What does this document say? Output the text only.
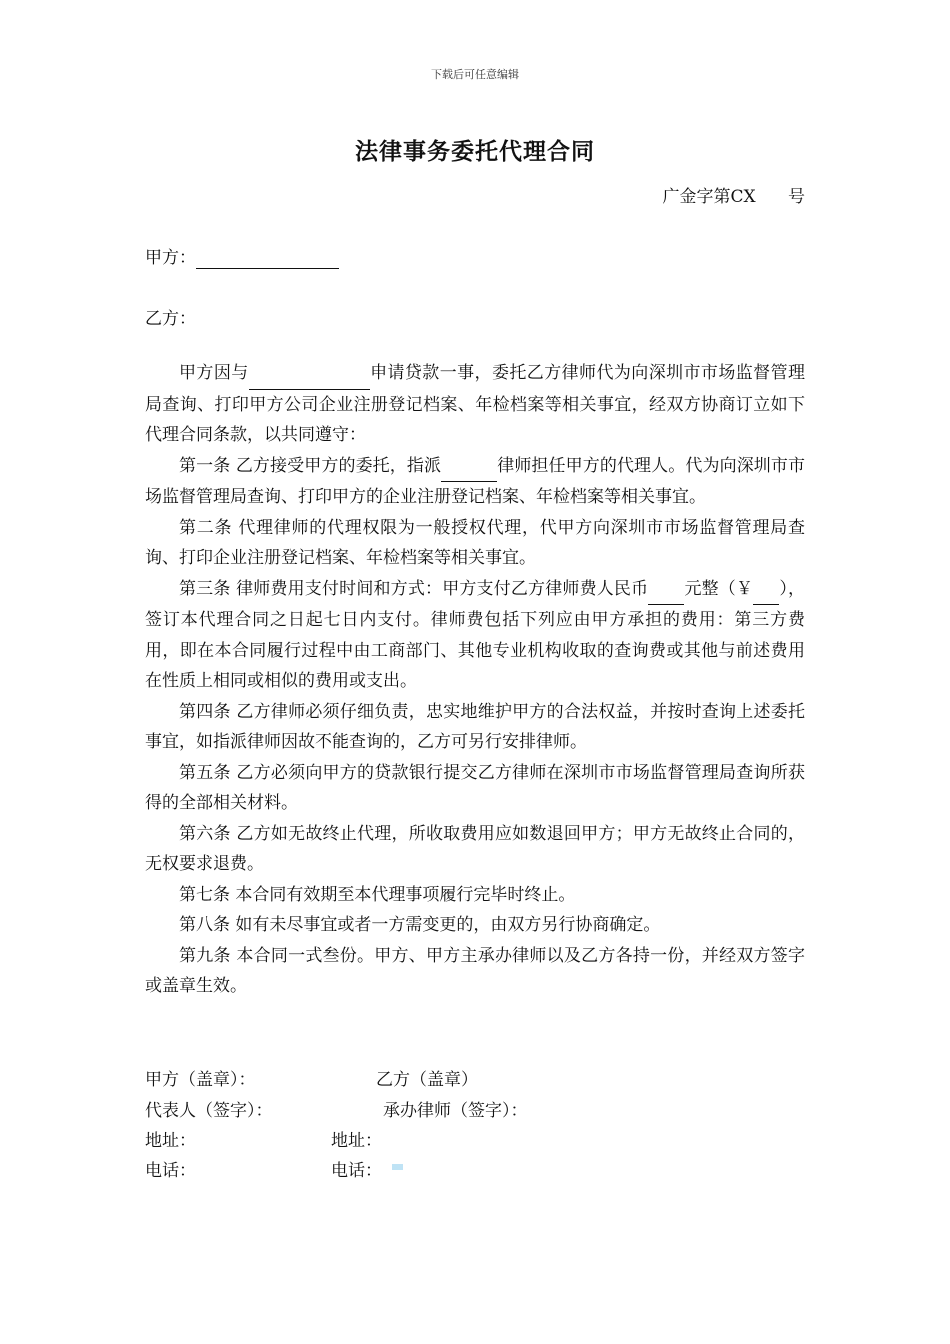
下载后可任意编辑
法律事务委托代理合同
广金字第CX      号
甲方：
乙方：

甲方因与	申请贷款一事，委托乙方律师代为向深圳市市场监督管理局查询、打印甲方公司企业注册登记档案、年检档案等相关事宜，经双方协商订立如下代理合同条款，以共同遵守：

第一条 乙方接受甲方的委托，指派	律师担任甲方的代理人。代为向深圳市市场监督管理局查询、打印甲方的企业注册登记档案、年检档案等相关事宜。

第二条 代理律师的代理权限为一般授权代理，代甲方向深圳市市场监督管理局查询、打印企业注册登记档案、年检档案等相关事宜。

第三条 律师费用支付时间和方式：甲方支付乙方律师费人民币 元整（￥ ），签订本代理合同之日起七日内支付。律师费包括下列应由甲方承担的费用：第三方费用，即在本合同履行过程中由工商部门、其他专业机构收取的查询费或其他与前述费用在性质上相同或相似的费用或支出。

第四条 乙方律师必须仔细负责，忠实地维护甲方的合法权益，并按时查询上述委托事宜，如指派律师因故不能查询的，乙方可另行安排律师。

第五条 乙方必须向甲方的贷款银行提交乙方律师在深圳市市场监督管理局查询所获得的全部相关材料。

第六条 乙方如无故终止代理，所收取费用应如数退回甲方；甲方无故终止合同的，无权要求退费。

第七条 本合同有效期至本代理事项履行完毕时终止。

第八条 如有未尽事宜或者一方需变更的，由双方另行协商确定。

第九条 本合同一式叁份。甲方、甲方主承办律师以及乙方各持一份，并经双方签字或盖章生效。

甲方（盖章）：	乙方（盖章）
代表人（签字）：	承办律师（签字）：
地址：	地址：
电话：	电话：
